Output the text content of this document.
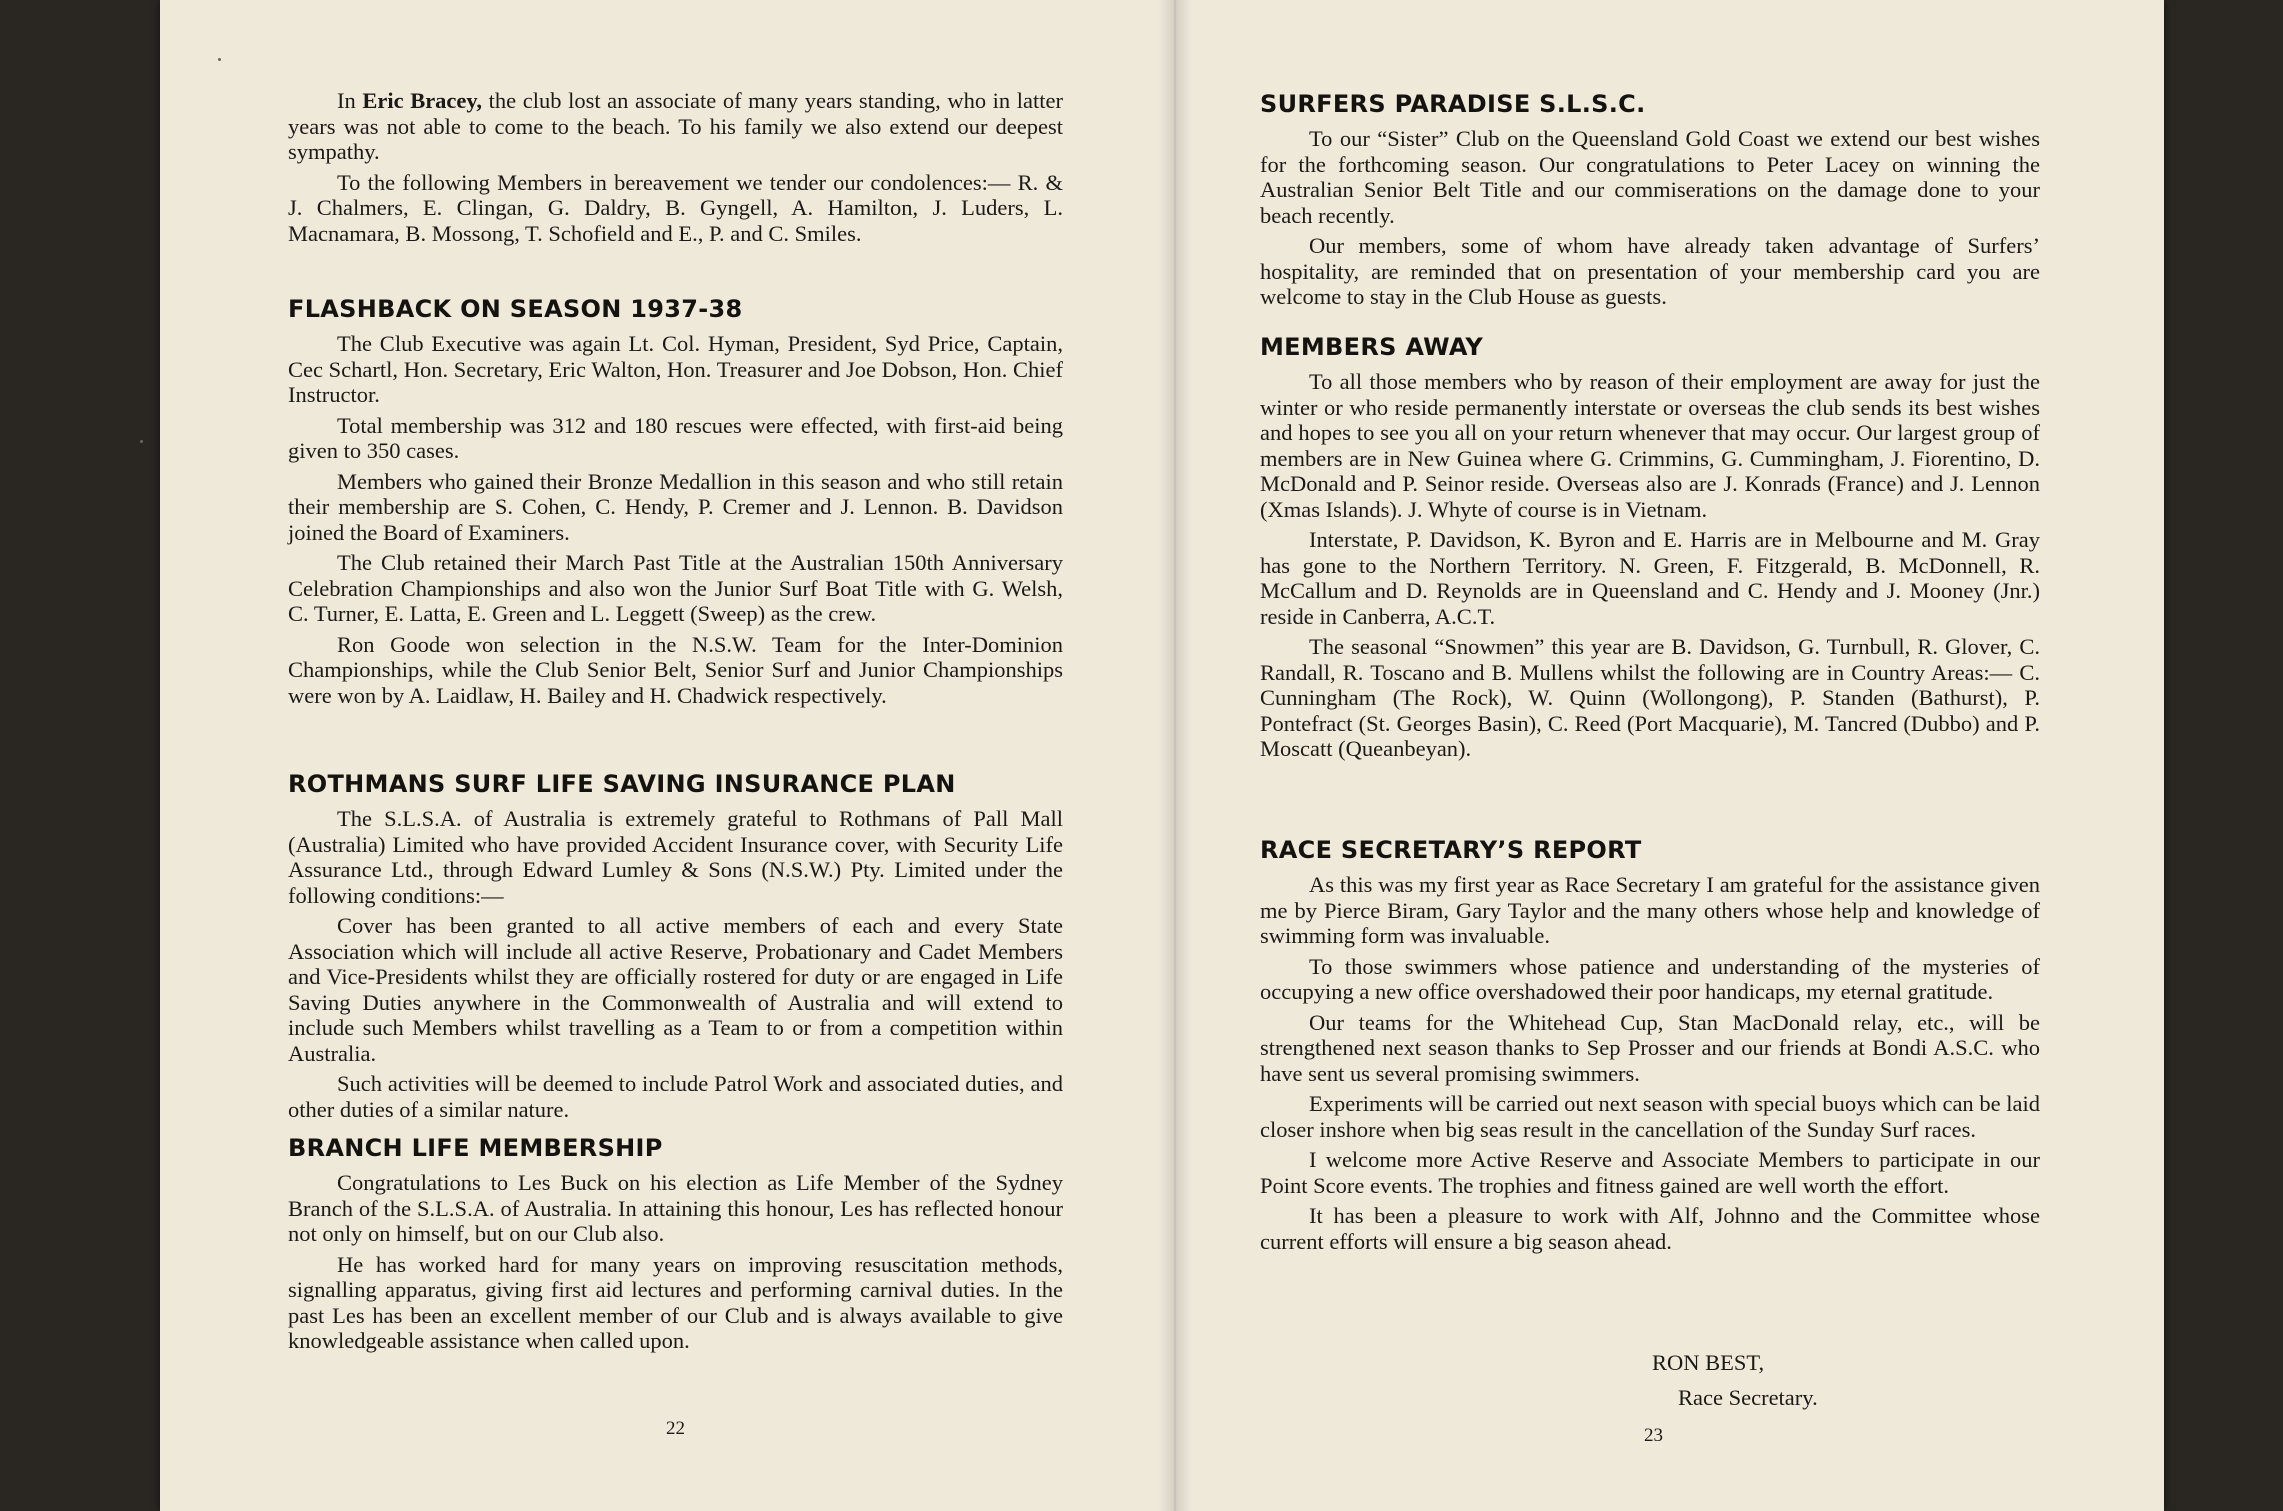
In Eric Bracey, the club lost an associate of many years standing, who in latter years was not able to come to the beach. To his family we also extend our deepest sympathy.

To the following Members in bereavement we tender our condolences:— R. & J. Chalmers, E. Clingan, G. Daldry, B. Gyngell, A. Hamilton, J. Luders, L. Macnamara, B. Mossong, T. Schofield and E., P. and C. Smiles.

FLASHBACK ON SEASON 1937-38

The Club Executive was again Lt. Col. Hyman, President, Syd Price, Captain, Cec Schartl, Hon. Secretary, Eric Walton, Hon. Treasurer and Joe Dobson, Hon. Chief Instructor.

Total membership was 312 and 180 rescues were effected, with first-aid being given to 350 cases.

Members who gained their Bronze Medallion in this season and who still retain their membership are S. Cohen, C. Hendy, P. Cremer and J. Lennon. B. Davidson joined the Board of Examiners.

The Club retained their March Past Title at the Australian 150th Anniversary Celebration Championships and also won the Junior Surf Boat Title with G. Welsh, C. Turner, E. Latta, E. Green and L. Leggett (Sweep) as the crew.

Ron Goode won selection in the N.S.W. Team for the Inter-Dominion Championships, while the Club Senior Belt, Senior Surf and Junior Championships were won by A. Laidlaw, H. Bailey and H. Chadwick respectively.

ROTHMANS SURF LIFE SAVING INSURANCE PLAN

The S.L.S.A. of Australia is extremely grateful to Rothmans of Pall Mall (Australia) Limited who have provided Accident Insurance cover, with Security Life Assurance Ltd., through Edward Lumley & Sons (N.S.W.) Pty. Limited under the following conditions:—

Cover has been granted to all active members of each and every State Association which will include all active Reserve, Probationary and Cadet Members and Vice-Presidents whilst they are officially rostered for duty or are engaged in Life Saving Duties anywhere in the Commonwealth of Australia and will extend to include such Members whilst travelling as a Team to or from a competition within Australia.

Such activities will be deemed to include Patrol Work and associated duties, and other duties of a similar nature.

BRANCH LIFE MEMBERSHIP

Congratulations to Les Buck on his election as Life Member of the Sydney Branch of the S.L.S.A. of Australia. In attaining this honour, Les has reflected honour not only on himself, but on our Club also.

He has worked hard for many years on improving resuscitation methods, signalling apparatus, giving first aid lectures and performing carnival duties. In the past Les has been an excellent member of our Club and is always available to give knowledgeable assistance when called upon.

22
SURFERS PARADISE S.L.S.C.

To our “Sister” Club on the Queensland Gold Coast we extend our best wishes for the forthcoming season. Our congratulations to Peter Lacey on winning the Australian Senior Belt Title and our commiserations on the damage done to your beach recently.

Our members, some of whom have already taken advantage of Surfers’ hospitality, are reminded that on presentation of your membership card you are welcome to stay in the Club House as guests.

MEMBERS AWAY

To all those members who by reason of their employment are away for just the winter or who reside permanently interstate or overseas the club sends its best wishes and hopes to see you all on your return whenever that may occur. Our largest group of members are in New Guinea where G. Crimmins, G. Cummingham, J. Fiorentino, D. McDonald and P. Seinor reside. Overseas also are J. Konrads (France) and J. Lennon (Xmas Islands). J. Whyte of course is in Vietnam.

Interstate, P. Davidson, K. Byron and E. Harris are in Melbourne and M. Gray has gone to the Northern Territory. N. Green, F. Fitzgerald, B. McDonnell, R. McCallum and D. Reynolds are in Queensland and C. Hendy and J. Mooney (Jnr.) reside in Canberra, A.C.T.

The seasonal “Snowmen” this year are B. Davidson, G. Turnbull, R. Glover, C. Randall, R. Toscano and B. Mullens whilst the following are in Country Areas:— C. Cunningham (The Rock), W. Quinn (Wollongong), P. Standen (Bathurst), P. Pontefract (St. Georges Basin), C. Reed (Port Macquarie), M. Tancred (Dubbo) and P. Moscatt (Queanbeyan).

RACE SECRETARY’S REPORT

As this was my first year as Race Secretary I am grateful for the assistance given me by Pierce Biram, Gary Taylor and the many others whose help and knowledge of swimming form was invaluable.

To those swimmers whose patience and understanding of the mysteries of occupying a new office overshadowed their poor handicaps, my eternal gratitude.

Our teams for the Whitehead Cup, Stan MacDonald relay, etc., will be strengthened next season thanks to Sep Prosser and our friends at Bondi A.S.C. who have sent us several promising swimmers.

Experiments will be carried out next season with special buoys which can be laid closer inshore when big seas result in the cancellation of the Sunday Surf races.

I welcome more Active Reserve and Associate Members to participate in our Point Score events. The trophies and fitness gained are well worth the effort.

It has been a pleasure to work with Alf, Johnno and the Committee whose current efforts will ensure a big season ahead.

RON BEST,
Race Secretary.
23
